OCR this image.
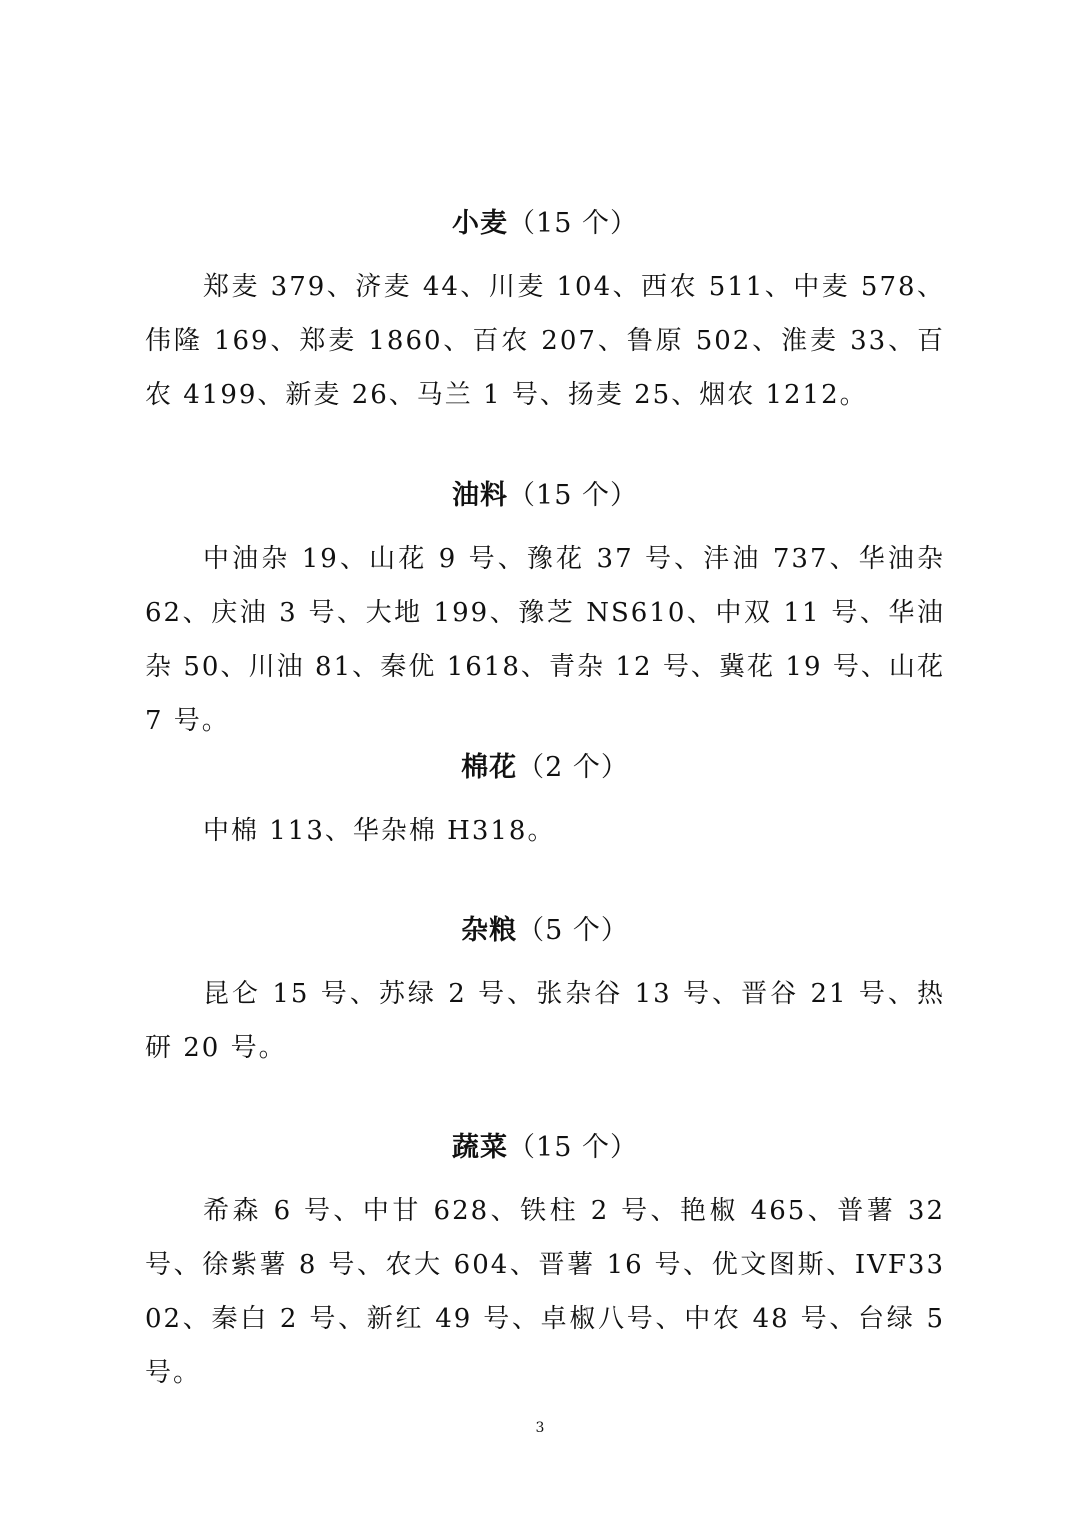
小麦（15 个）
郑麦 379、济麦 44、川麦 104、西农 511、中麦 578、伟隆 169、郑麦 1860、百农 207、鲁原 502、淮麦 33、百农 4199、新麦 26、马兰 1 号、扬麦 25、烟农 1212。
油料（15 个）
中油杂 19、山花 9 号、豫花 37 号、沣油 737、华油杂 62、庆油 3 号、大地 199、豫芝 NS610、中双 11 号、华油杂 50、川油 81、秦优 1618、青杂 12 号、冀花 19 号、山花 7 号。
棉花（2 个）
中棉 113、华杂棉 H318。
杂粮（5 个）
昆仑 15 号、苏绿 2 号、张杂谷 13 号、晋谷 21 号、热研 20 号。
蔬菜（15 个）
希森 6 号、中甘 628、铁柱 2 号、艳椒 465、普薯 32 号、徐紫薯 8 号、农大 604、晋薯 16 号、优文图斯、IVF3302、秦白 2 号、新红 49 号、卓椒八号、中农 48 号、台绿 5 号。
3
